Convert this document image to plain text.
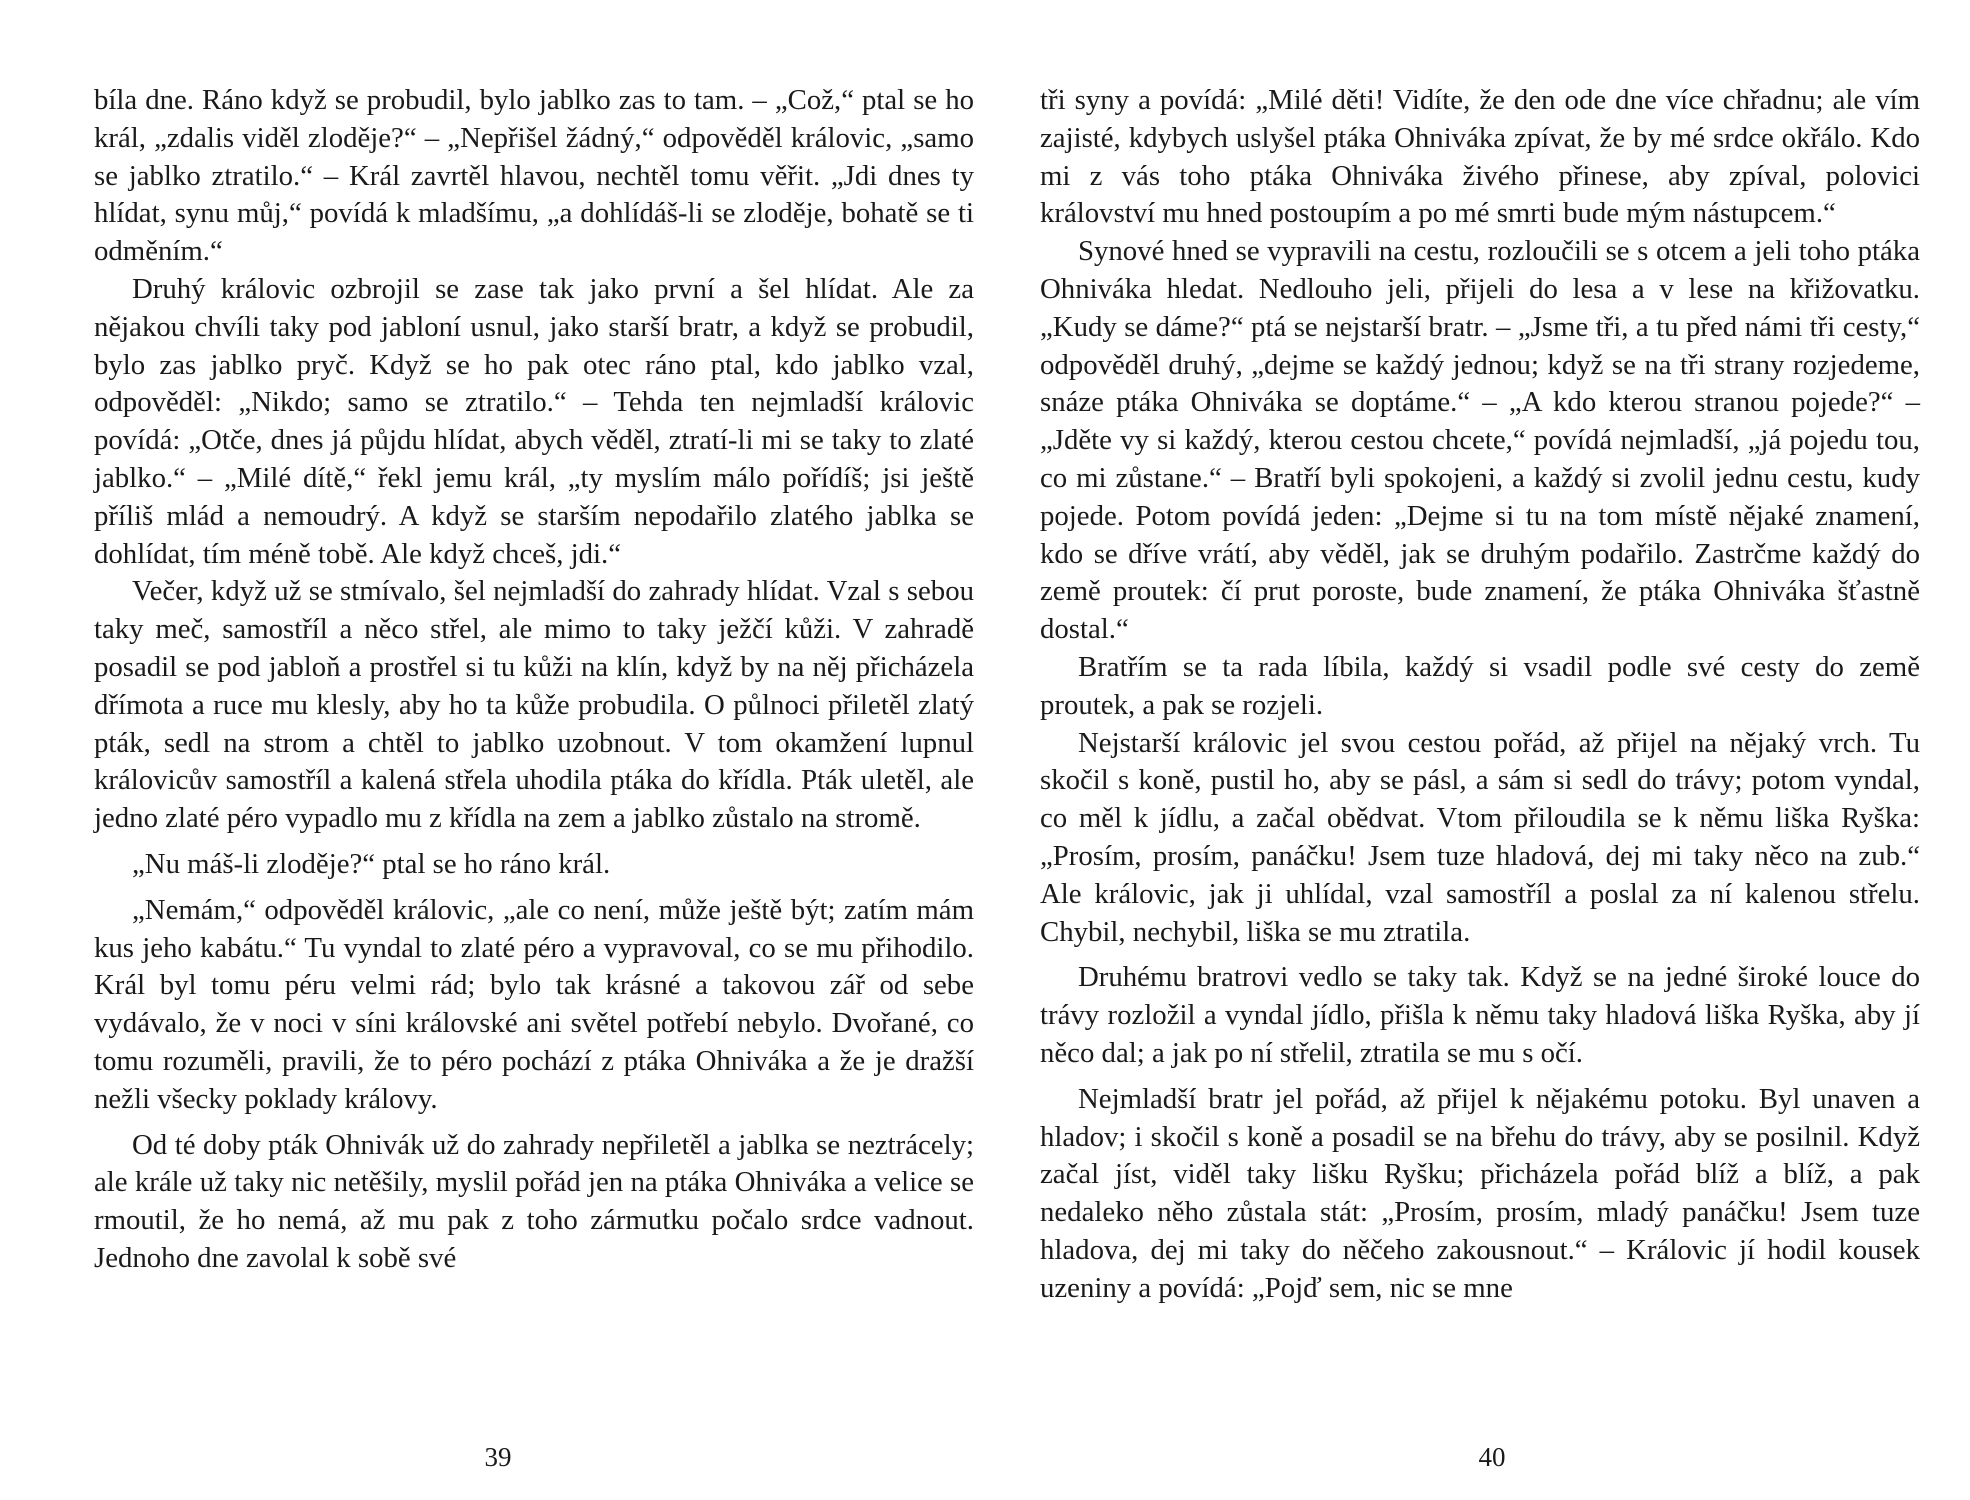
bíla dne. Ráno když se probudil, bylo jablko zas to tam. – „Což,“ ptal se ho král, „zdalis viděl zloděje?“ – „Nepřišel žádný,“ odpověděl královic, „samo se jablko ztratilo.“ – Král zavrtěl hlavou, nechtěl tomu věřit. „Jdi dnes ty hlídat, synu můj,“ povídá k mladšímu, „a dohlídáš-li se zloděje, bohatě se ti odměním.“

Druhý královic ozbrojil se zase tak jako první a šel hlídat. Ale za nějakou chvíli taky pod jabloní usnul, jako starší bratr, a když se probudil, bylo zas jablko pryč. Když se ho pak otec ráno ptal, kdo jablko vzal, odpověděl: „Nikdo; samo se ztratilo.“ – Tehda ten nejmladší královic povídá: „Otče, dnes já půjdu hlídat, abych věděl, ztratí-li mi se taky to zlaté jablko.“ – „Milé dítě,“ řekl jemu král, „ty myslím málo pořídíš; jsi ještě příliš mlád a nemoudrý. A když se starším nepodařilo zlatého jablka se dohlídat, tím méně tobě. Ale když chceš, jdi.“

Večer, když už se stmívalo, šel nejmladší do zahrady hlídat. Vzal s sebou taky meč, samostříl a něco střel, ale mimo to taky ježčí kůži. V zahradě posadil se pod jabloň a prostřel si tu kůži na klín, když by na něj přicházela dřímota a ruce mu klesly, aby ho ta kůže probudila. O půlnoci přiletěl zlatý pták, sedl na strom a chtěl to jablko uzobnout. V tom okamžení lupnul královicův samostříl a kalená střela uhodila ptáka do křídla. Pták uletěl, ale jedno zlaté péro vypadlo mu z křídla na zem a jablko zůstalo na stromě.

„Nu máš-li zloděje?“ ptal se ho ráno král.

„Nemám,“ odpověděl královic, „ale co není, může ještě být; zatím mám kus jeho kabátu.“ Tu vyndal to zlaté péro a vypravoval, co se mu přihodilo. Král byl tomu péru velmi rád; bylo tak krásné a takovou zář od sebe vydávalo, že v noci v síni královské ani světel potřebí nebylo. Dvořané, co tomu rozuměli, pravili, že to péro pochází z ptáka Ohniváka a že je dražší nežli všecky poklady královy.

Od té doby pták Ohnivák už do zahrady nepřiletěl a jablka se neztrácely; ale krále už taky nic netěšily, myslil pořád jen na ptáka Ohniváka a velice se rmoutil, že ho nemá, až mu pak z toho zármutku počalo srdce vadnout. Jednoho dne zavolal k sobě své

39

tři syny a povídá: „Milé děti! Vidíte, že den ode dne více chřadnu; ale vím zajisté, kdybych uslyšel ptáka Ohniváka zpívat, že by mé srdce okřálo. Kdo mi z vás toho ptáka Ohniváka živého přinese, aby zpíval, polovici království mu hned postoupím a po mé smrti bude mým nástupcem.“

Synové hned se vypravili na cestu, rozloučili se s otcem a jeli toho ptáka Ohniváka hledat. Nedlouho jeli, přijeli do lesa a v lese na křižovatku. „Kudy se dáme?“ ptá se nejstarší bratr. – „Jsme tři, a tu před námi tři cesty,“ odpověděl druhý, „dejme se každý jednou; když se na tři strany rozjedeme, snáze ptáka Ohniváka se doptáme.“ – „A kdo kterou stranou pojede?“ – „Jděte vy si každý, kterou cestou chcete,“ povídá nejmladší, „já pojedu tou, co mi zůstane.“ – Bratří byli spokojeni, a každý si zvolil jednu cestu, kudy pojede. Potom povídá jeden: „Dejme si tu na tom místě nějaké znamení, kdo se dříve vrátí, aby věděl, jak se druhým podařilo. Zastrčme každý do země proutek: čí prut poroste, bude znamení, že ptáka Ohniváka šťastně dostal.“

Bratřím se ta rada líbila, každý si vsadil podle své cesty do země proutek, a pak se rozjeli.

Nejstarší královic jel svou cestou pořád, až přijel na nějaký vrch. Tu skočil s koně, pustil ho, aby se pásl, a sám si sedl do trávy; potom vyndal, co měl k jídlu, a začal obědvat. Vtom přiloudila se k němu liška Ryška: „Prosím, prosím, panáčku! Jsem tuze hladová, dej mi taky něco na zub.“ Ale královic, jak ji uhlídal, vzal samostříl a poslal za ní kalenou střelu. Chybil, nechybil, liška se mu ztratila.

Druhému bratrovi vedlo se taky tak. Když se na jedné široké louce do trávy rozložil a vyndal jídlo, přišla k němu taky hladová liška Ryška, aby jí něco dal; a jak po ní střelil, ztratila se mu s očí.

Nejmladší bratr jel pořád, až přijel k nějakému potoku. Byl unaven a hladov; i skočil s koně a posadil se na břehu do trávy, aby se posilnil. Když začal jíst, viděl taky lišku Ryšku; přicházela pořád blíž a blíž, a pak nedaleko něho zůstala stát: „Prosím, prosím, mladý panáčku! Jsem tuze hladova, dej mi taky do něčeho zakousnout.“ – Královic jí hodil kousek uzeniny a povídá: „Pojď sem, nic se mne

40
